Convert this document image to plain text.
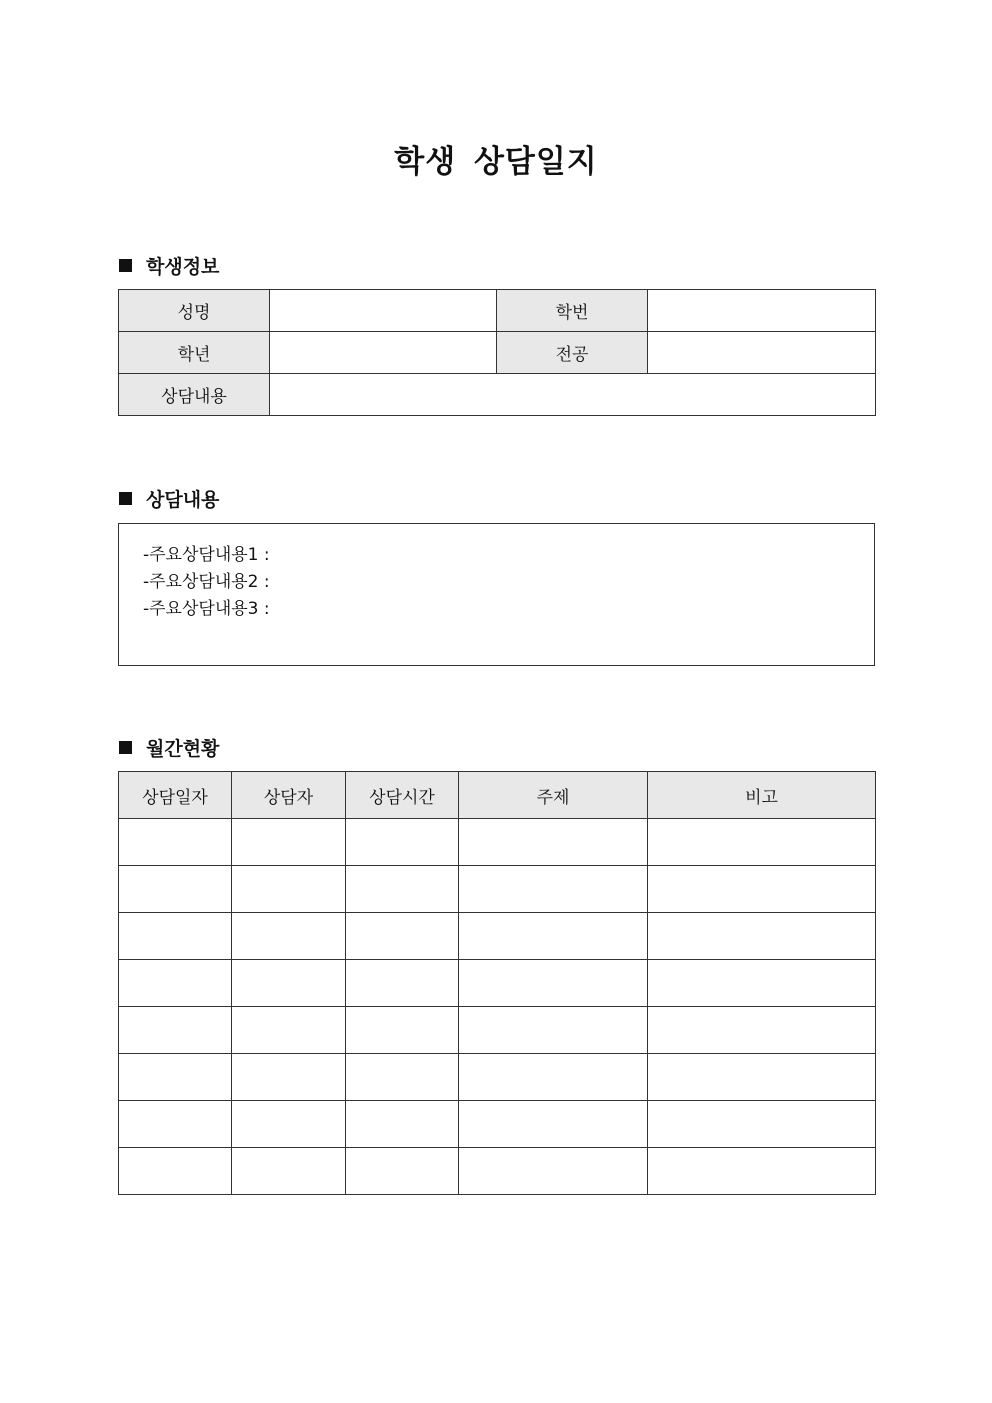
학생 상담일지
학생정보
성명		학번	
학년		전공	
상담내용			
상담내용
-주요상담내용1 :
-주요상담내용2 :
-주요상담내용3 :
월간현황
상담일자	상담자	상담시간	주제	비고
